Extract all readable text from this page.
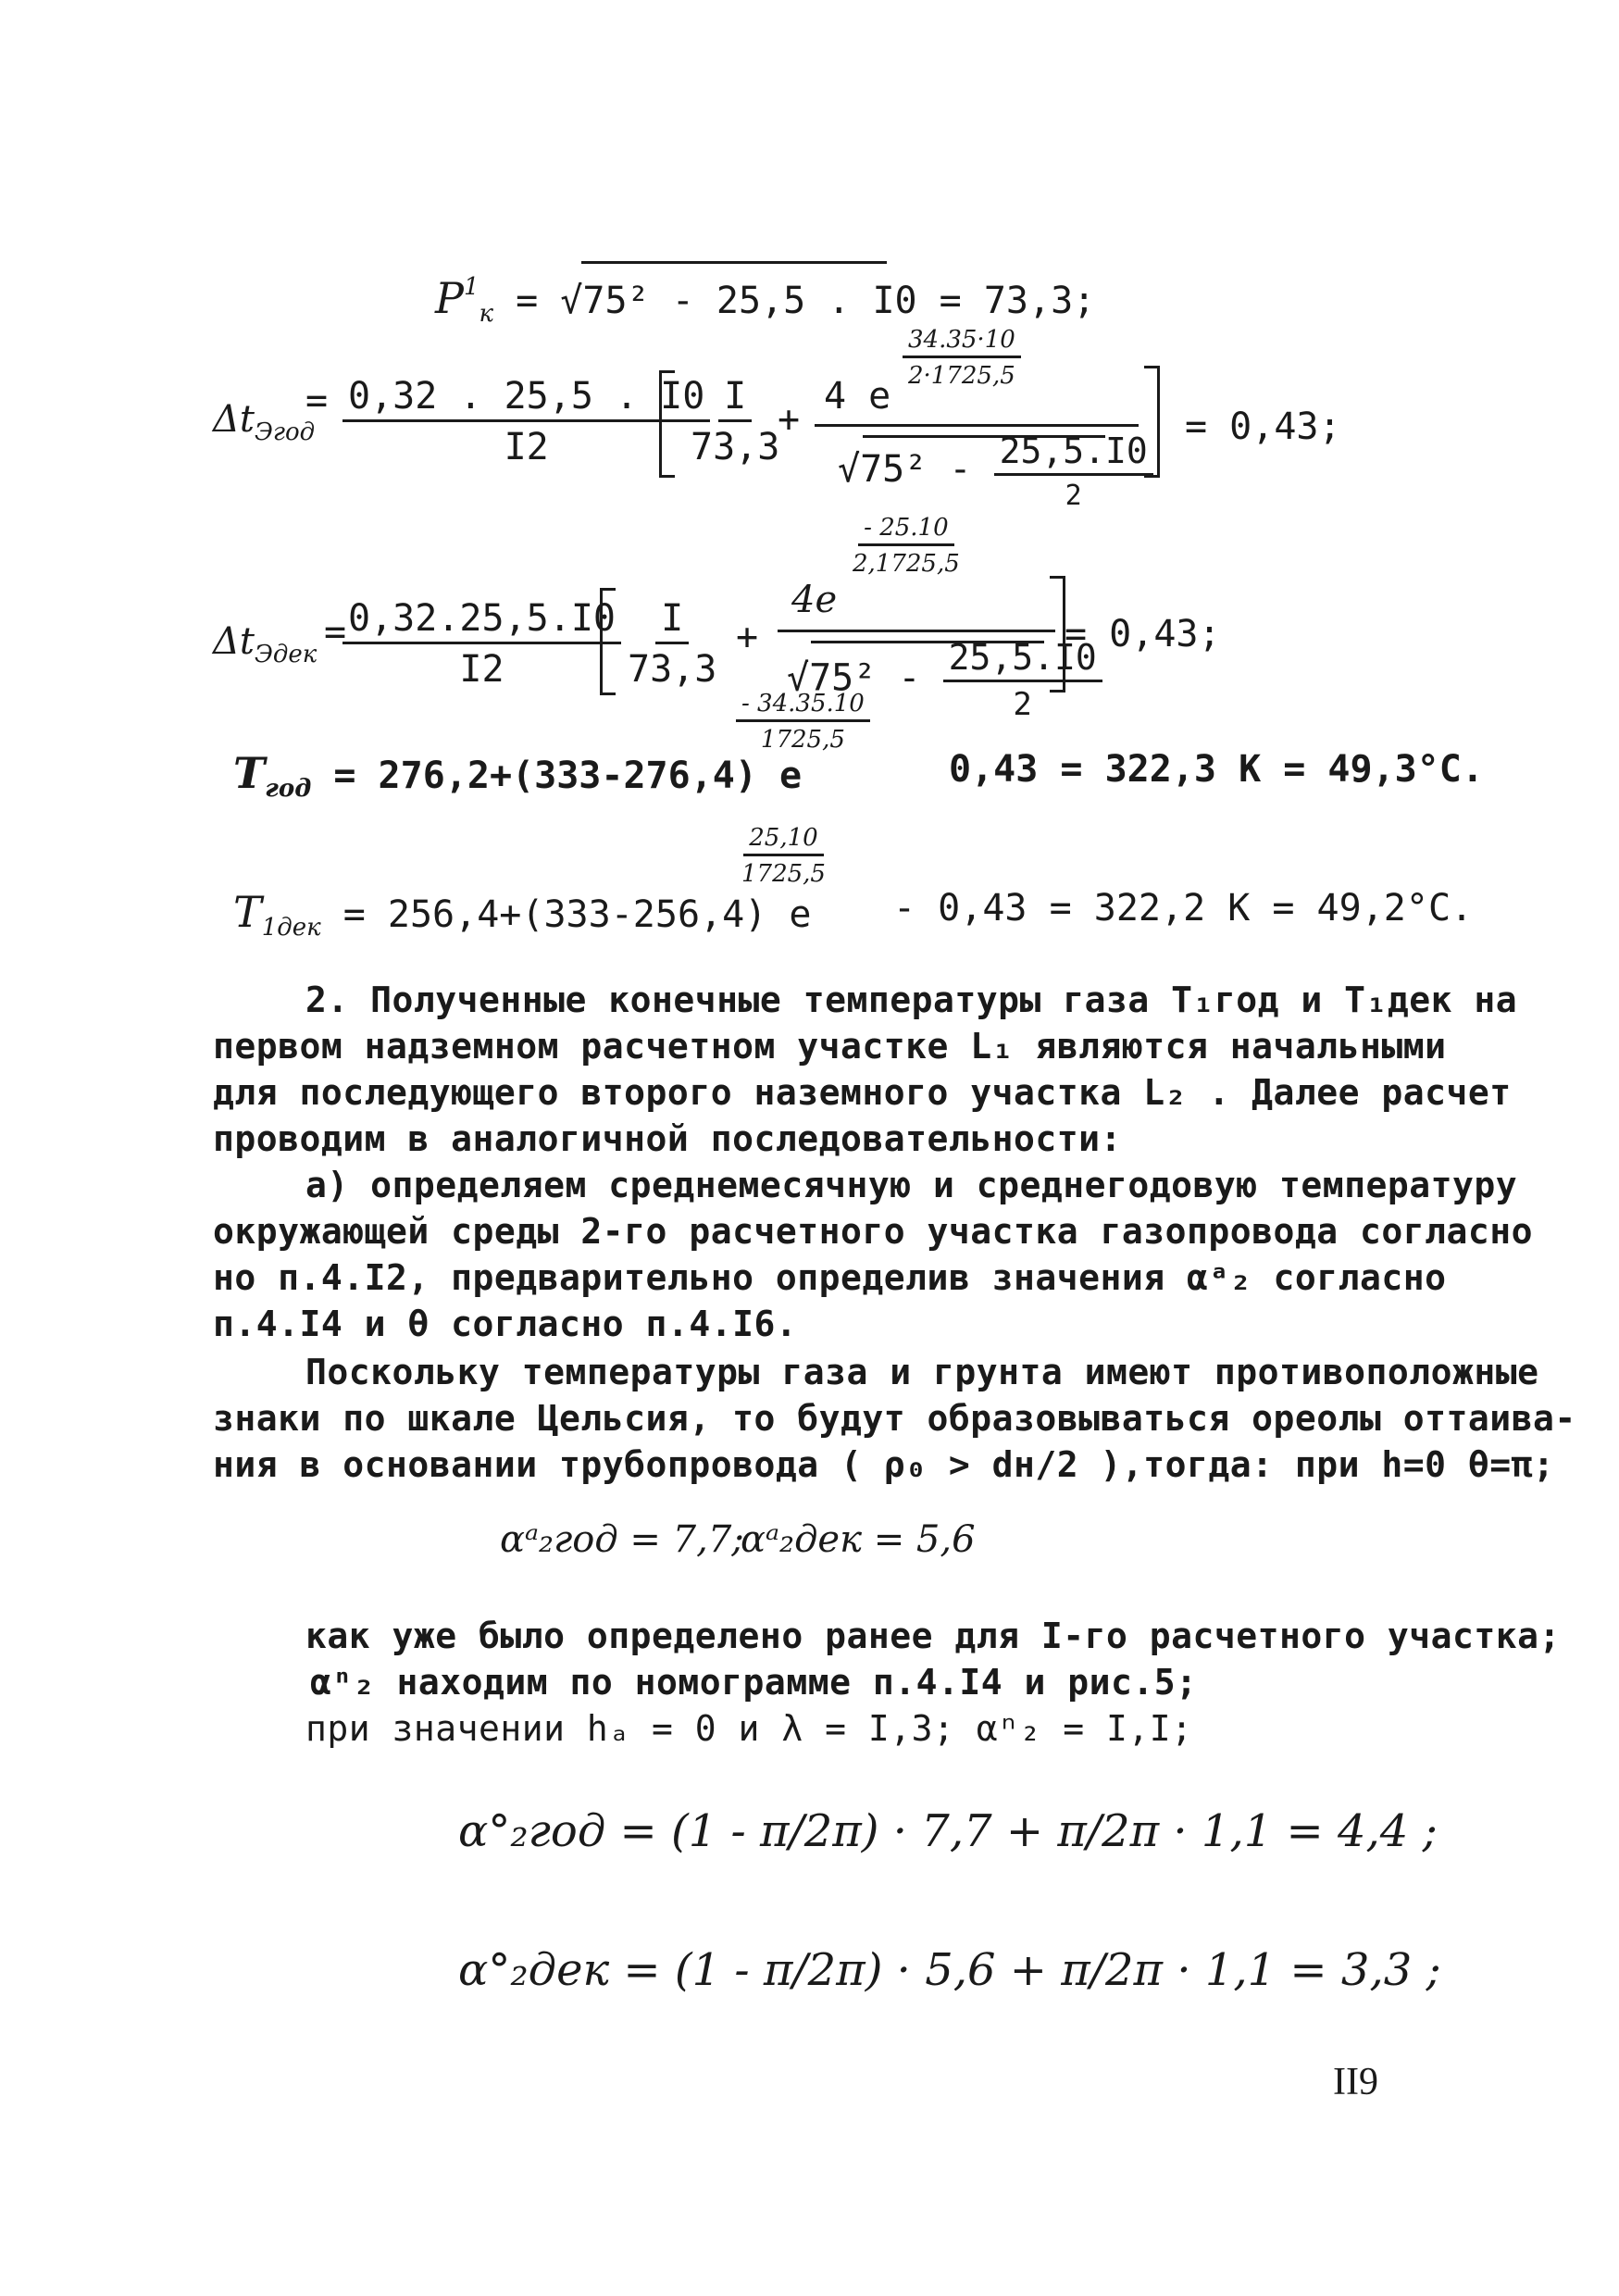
$P^1_к = √75^2 - 25,5$ . I0 = 73,3;
$\Delta t_{Эгод}$
= $\frac{0,32 . 25,5 . I0}{I2}$
$\frac{I}{73,3}$
+
$\frac{34.35\cdot 10}{2\cdot 1725,5}$
4 e
$√75^2 - \frac{25,5.I0}{2}$
= 0,43;
$\Delta t_{Эдек}$
=
$\frac{0,32.25,5.I0}{I2} \frac{I}{73,3}$ +
$\frac{- 25.10}{2,1725,5}$
4e
$√75^2 - \frac{25,5.I0}{2}$
= 0,43;
$\frac{- 34.35.10}{1725,5}$
$T_{год} = 276,2+(333-276,4)$ e	0,43 = 322,3 K = 49,3°C.
$\frac{25,10}{1725,5}$
$T_{1дек} = 256,4+(333-256,4)$ e - 0,43 = 322,2 K = 49,2°C.
2. Полученные конечные температуры газа T₁год и T₁дек на
первом надземном расчетном участке L₁ являются начальными
для последующего второго наземного участка L₂ . Далее расчет
проводим в аналогичной последовательности:
а) определяем среднемесячную и среднегодовую температуру
окружающей среды 2-го расчетного участка газопровода согласно
но п.4.I2, предварительно определив значения αᵃ₂ согласно
п.4.I4 и θ согласно п.4.I6.
Поскольку температуры газа и грунта имеют противоположные
знаки по шкале Цельсия, то будут образовываться ореолы оттаива-
ния в основании трубопровода ( ρ₀ > dн/2 ),тогда: при h=0 θ=π;
αᵃ₂год = 7,7;
αᵃ₂дек = 5,6
как уже было определено ранее для I-го расчетного участка;
αⁿ₂ находим по номограмме п.4.I4 и рис.5;
при значении hₐ = 0 и λ = I,3; αⁿ₂ = I,I;
α°₂год = (1 - π/2π) · 7,7 + π/2π · 1,1 = 4,4 ;
α°₂дек = (1 - π/2π) · 5,6 + π/2π · 1,1 = 3,3 ;
II9
